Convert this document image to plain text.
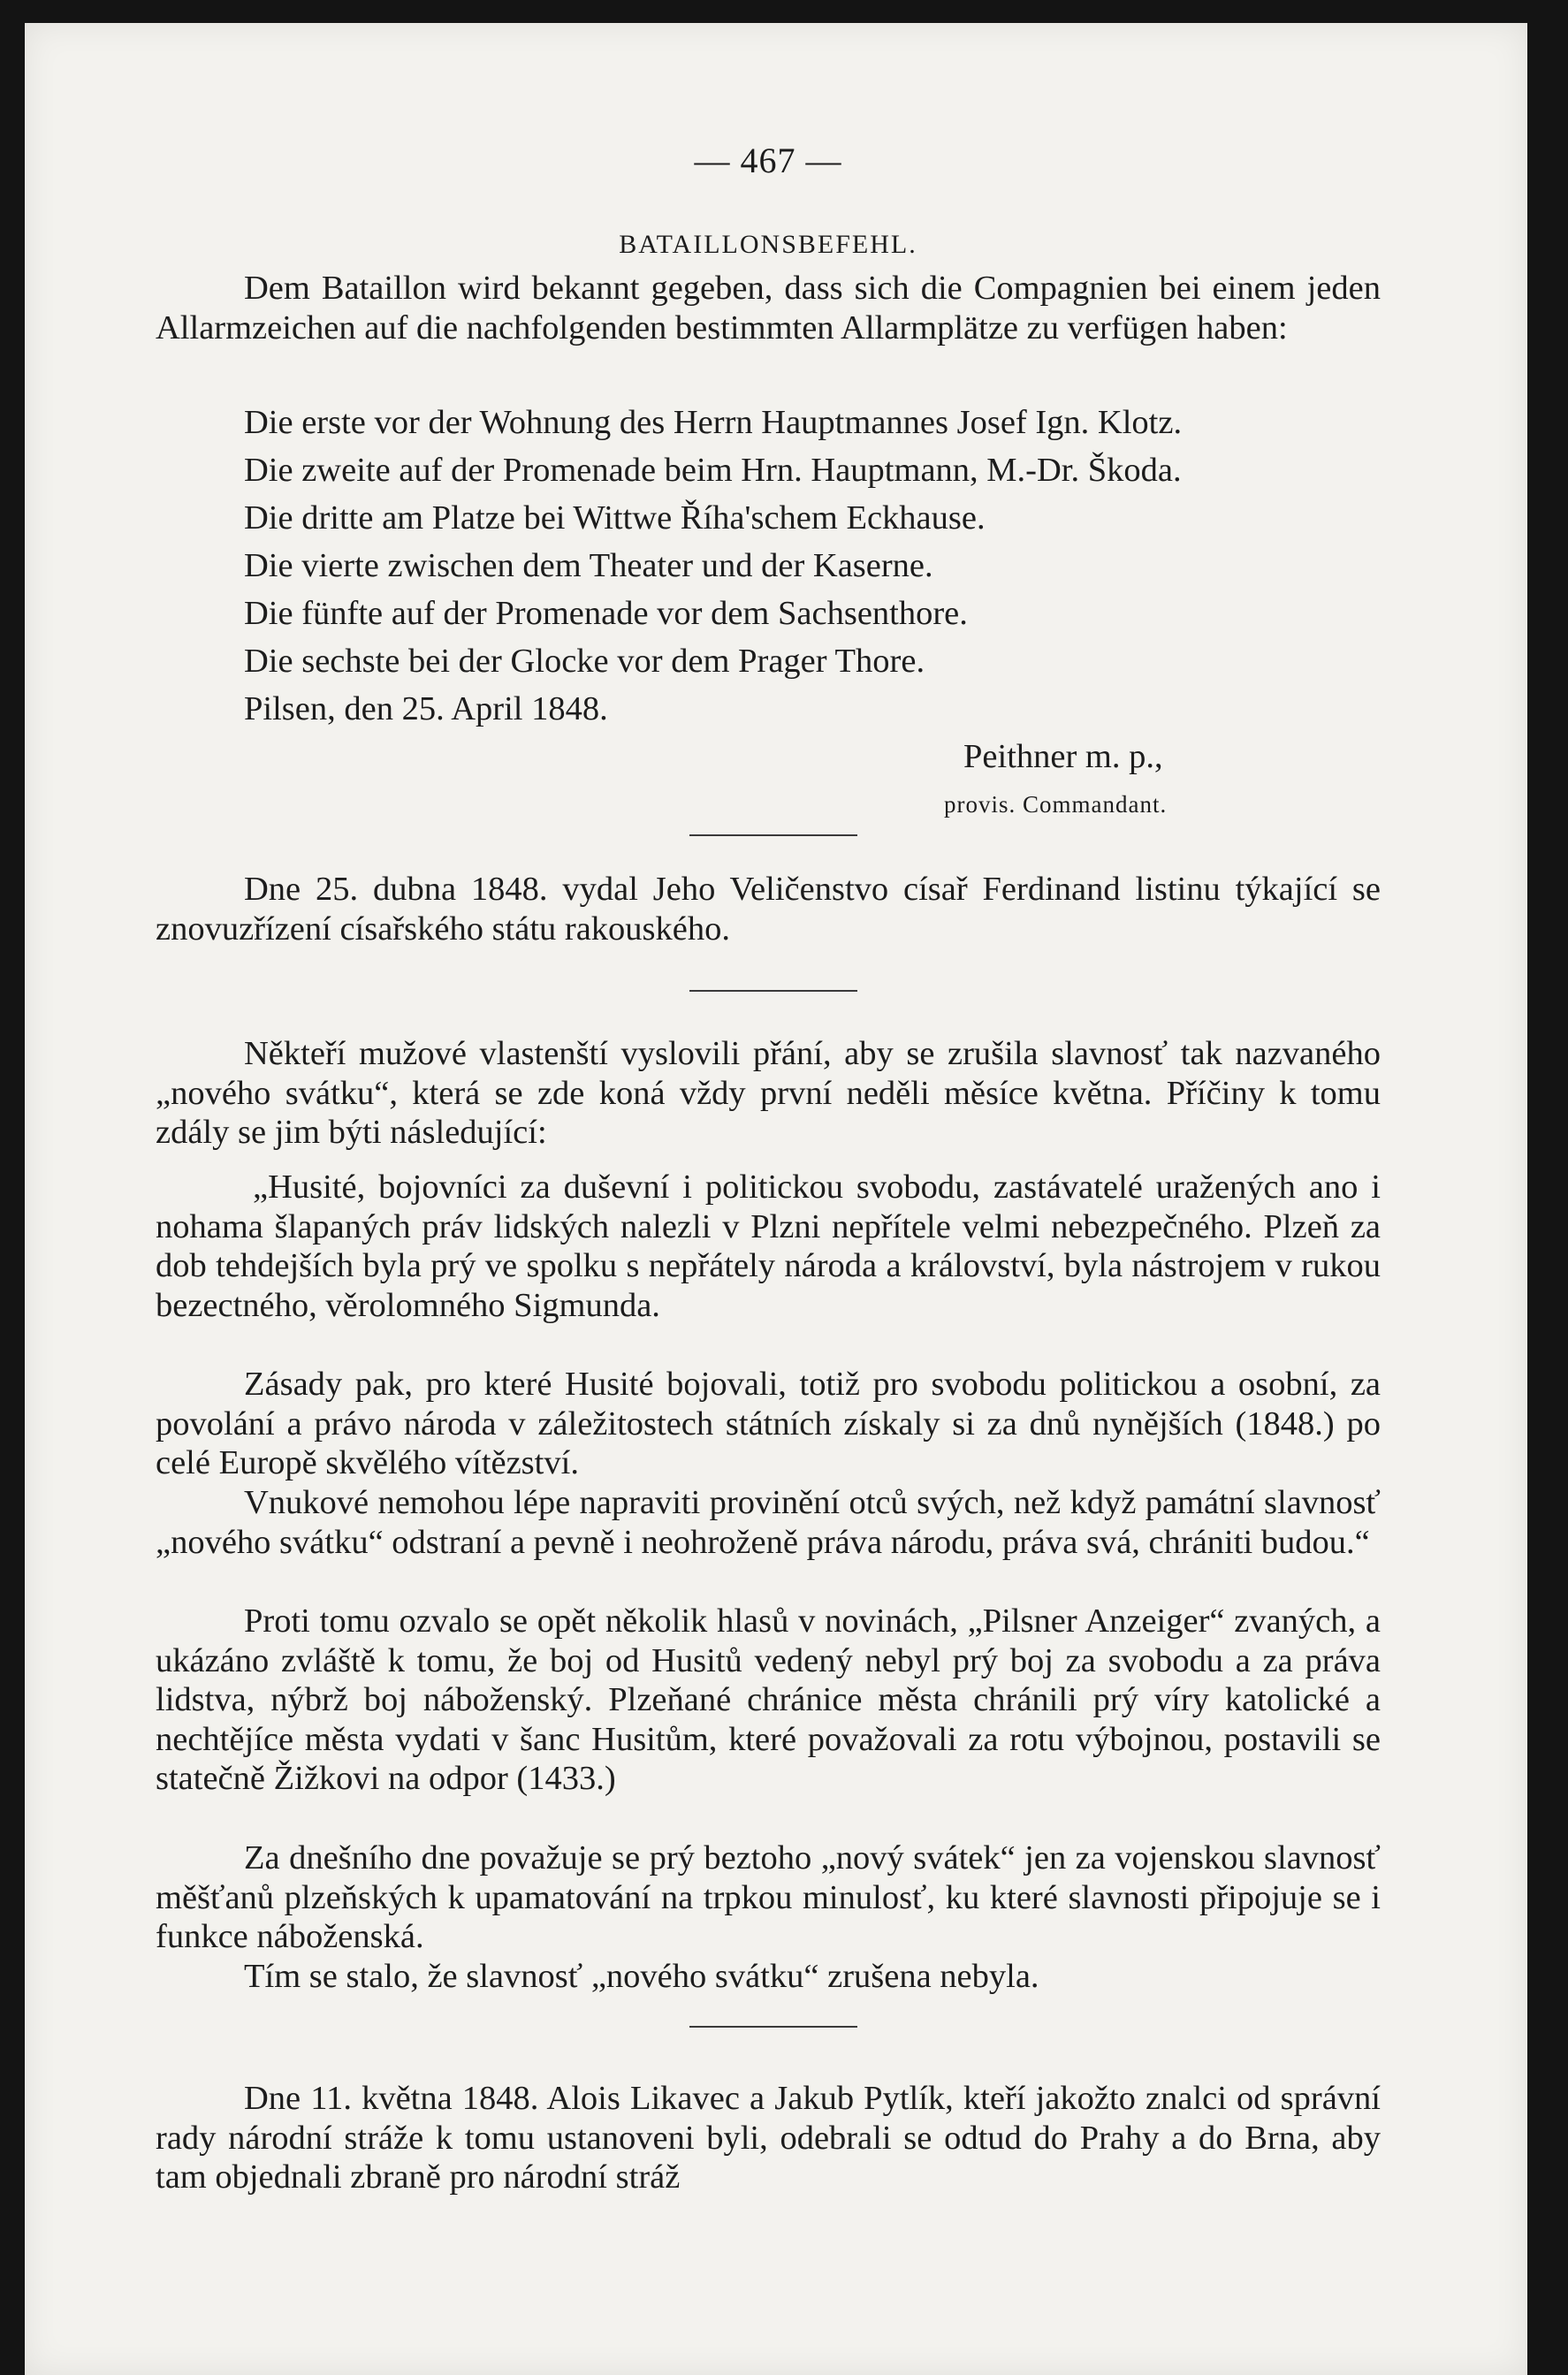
— 467 —
BATAILLONSBEFEHL.

Dem Bataillon wird bekannt gegeben, dass sich die Compagnien bei einem jeden Allarmzeichen auf die nachfolgenden bestimmten Allarmplätze zu verfügen haben:

Die erste vor der Wohnung des Herrn Hauptmannes Josef Ign. Klotz.
Die zweite auf der Promenade beim Hrn. Hauptmann, M.-Dr. Škoda.
Die dritte am Platze bei Wittwe Říha'schem Eckhause.
Die vierte zwischen dem Theater und der Kaserne.
Die fünfte auf der Promenade vor dem Sachsenthore.
Die sechste bei der Glocke vor dem Prager Thore.
Pilsen, den 25. April 1848.
Peithner m. p.,
provis. Commandant.

Dne 25. dubna 1848. vydal Jeho Veličenstvo císař Ferdinand listinu týkající se znovuzřízení císařského státu rakouského.

Někteří mužové vlastenští vyslovili přání, aby se zrušila slavnosť tak nazvaného „nového svátku“, která se zde koná vždy první neděli měsíce května. Příčiny k tomu zdály se jim býti následující:

„Husité, bojovníci za duševní i politickou svobodu, zastávatelé uražených ano i nohama šlapaných práv lidských nalezli v Plzni nepřítele velmi nebezpečného. Plzeň za dob tehdejších byla prý ve spolku s nepřátely národa a království, byla nástrojem v rukou bezectného, věrolomného Sigmunda.

Zásady pak, pro které Husité bojovali, totiž pro svobodu politickou a osobní, za povolání a právo národa v záležitostech státních získaly si za dnů nynějších (1848.) po celé Europě skvělého vítězství.

Vnukové nemohou lépe napraviti provinění otců svých, než když památní slavnosť „nového svátku“ odstraní a pevně i neohroženě práva národu, práva svá, chrániti budou.“

Proti tomu ozvalo se opět několik hlasů v novinách, „Pilsner Anzeiger“ zvaných, a ukázáno zvláště k tomu, že boj od Husitů vedený nebyl prý boj za svobodu a za práva lidstva, nýbrž boj náboženský. Plzeňané chránice města chránili prý víry katolické a nechtějíce města vydati v šanc Husitům, které považovali za rotu výbojnou, postavili se statečně Žižkovi na odpor (1433.)

Za dnešního dne považuje se prý beztoho „nový svátek“ jen za vojenskou slavnosť měšťanů plzeňských k upamatování na trpkou minulosť, ku které slavnosti připojuje se i funkce náboženská.

Tím se stalo, že slavnosť „nového svátku“ zrušena nebyla.

Dne 11. května 1848. Alois Likavec a Jakub Pytlík, kteří jakožto znalci od správní rady národní stráže k tomu ustanoveni byli, odebrali se odtud do Prahy a do Brna, aby tam objednali zbraně pro národní stráž
